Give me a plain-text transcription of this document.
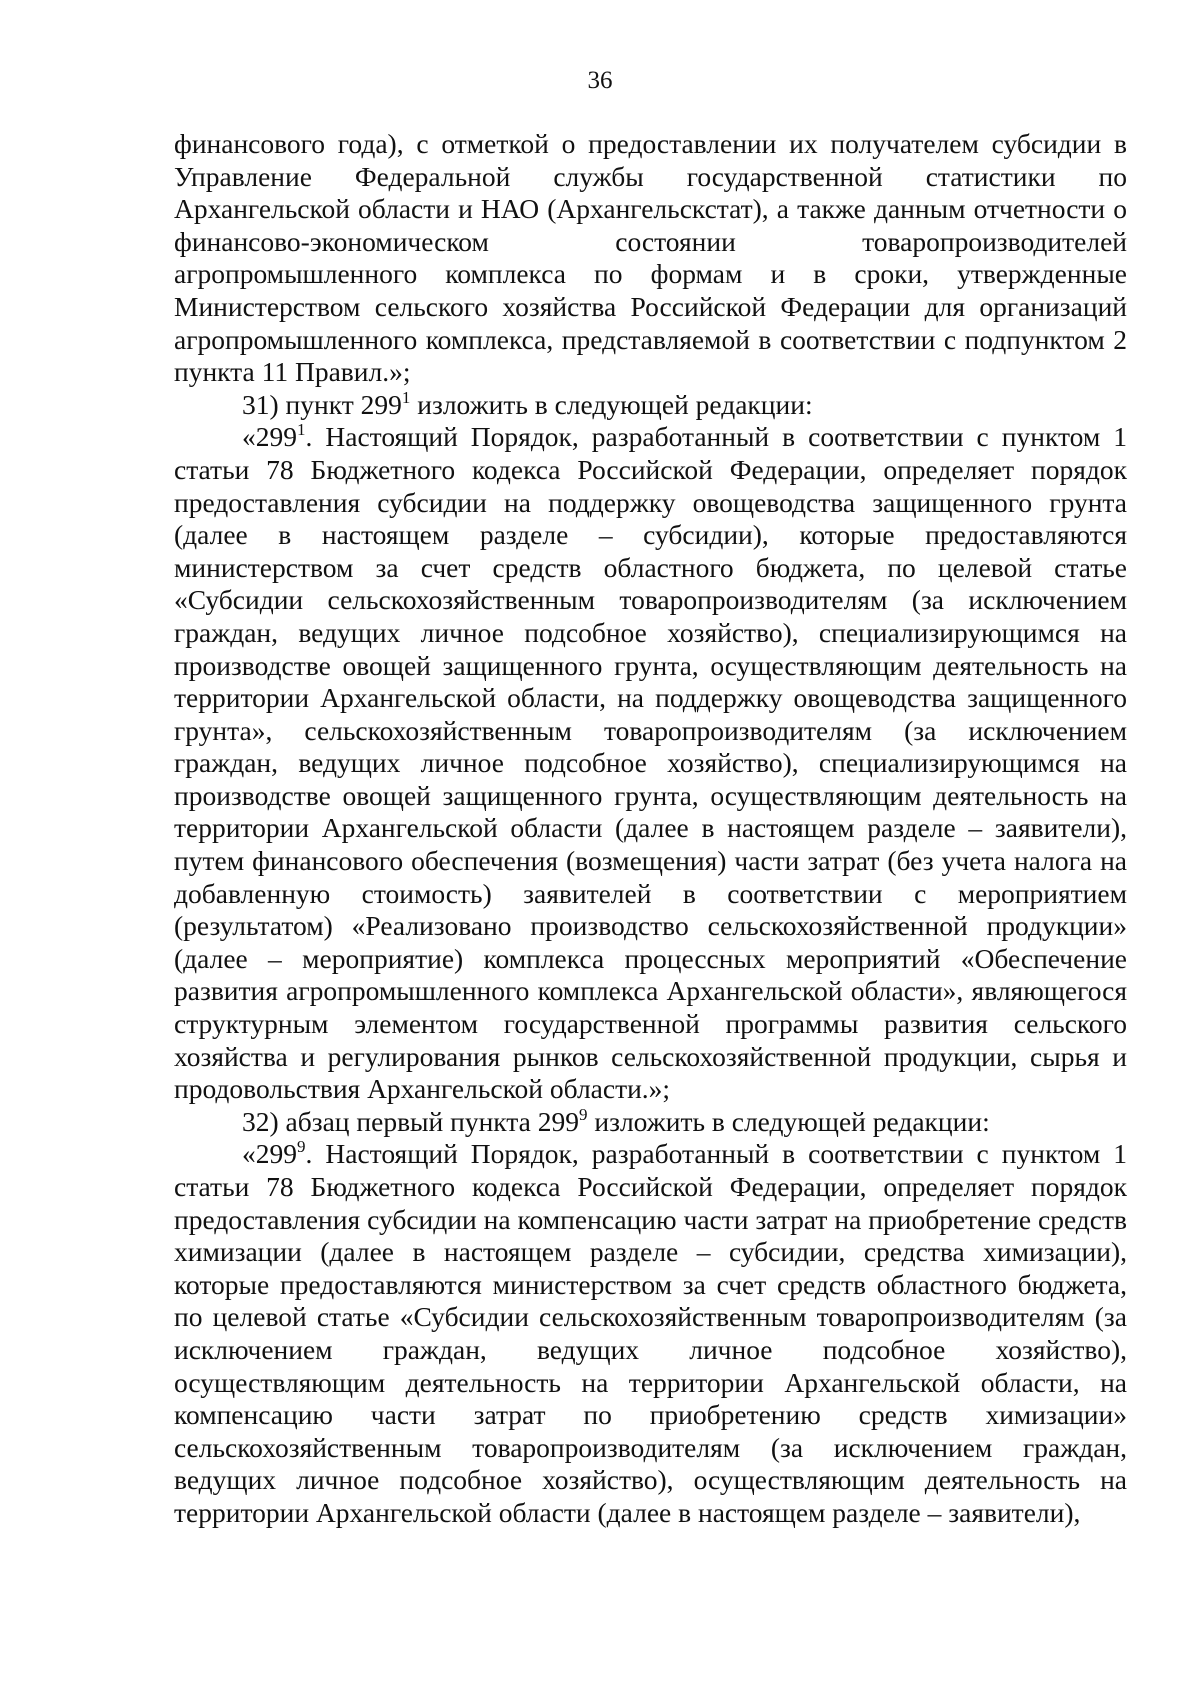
36

финансового года), с отметкой о предоставлении их получателем субсидии в Управление Федеральной службы государственной статистики по Архангельской области и НАО (Архангельскстат), а также данным отчетности о финансово-экономическом состоянии товаропроизводителей агропромышленного комплекса по формам и в сроки, утвержденные Министерством сельского хозяйства Российской Федерации для организаций агропромышленного комплекса, представляемой в соответствии с подпунктом 2 пункта 11 Правил.»;

31) пункт $299^1$ изложить в следующей редакции:

«$299^1$. Настоящий Порядок, разработанный в соответствии с пунктом 1 статьи 78 Бюджетного кодекса Российской Федерации, определяет порядок предоставления субсидии на поддержку овощеводства защищенного грунта (далее в настоящем разделе – субсидии), которые предоставляются министерством за счет средств областного бюджета, по целевой статье «Субсидии сельскохозяйственным товаропроизводителям (за исключением граждан, ведущих личное подсобное хозяйство), специализирующимся на производстве овощей защищенного грунта, осуществляющим деятельность на территории Архангельской области, на поддержку овощеводства защищенного грунта», сельскохозяйственным товаропроизводителям (за исключением граждан, ведущих личное подсобное хозяйство), специализирующимся на производстве овощей защищенного грунта, осуществляющим деятельность на территории Архангельской области (далее в настоящем разделе – заявители), путем финансового обеспечения (возмещения) части затрат (без учета налога на добавленную стоимость) заявителей в соответствии с мероприятием (результатом) «Реализовано производство сельскохозяйственной продукции» (далее – мероприятие) комплекса процессных мероприятий «Обеспечение развития агропромышленного комплекса Архангельской области», являющегося структурным элементом государственной программы развития сельского хозяйства и регулирования рынков сельскохозяйственной продукции, сырья и продовольствия Архангельской области.»;

32) абзац первый пункта $299^9$ изложить в следующей редакции:

«$299^9$. Настоящий Порядок, разработанный в соответствии с пунктом 1 статьи 78 Бюджетного кодекса Российской Федерации, определяет порядок предоставления субсидии на компенсацию части затрат на приобретение средств химизации (далее в настоящем разделе – субсидии, средства химизации), которые предоставляются министерством за счет средств областного бюджета, по целевой статье «Субсидии сельскохозяйственным товаропроизводителям (за исключением граждан, ведущих личное подсобное хозяйство), осуществляющим деятельность на территории Архангельской области, на компенсацию части затрат по приобретению средств химизации» сельскохозяйственным товаропроизводителям (за исключением граждан, ведущих личное подсобное хозяйство), осуществляющим деятельность на территории Архангельской области (далее в настоящем разделе – заявители),
